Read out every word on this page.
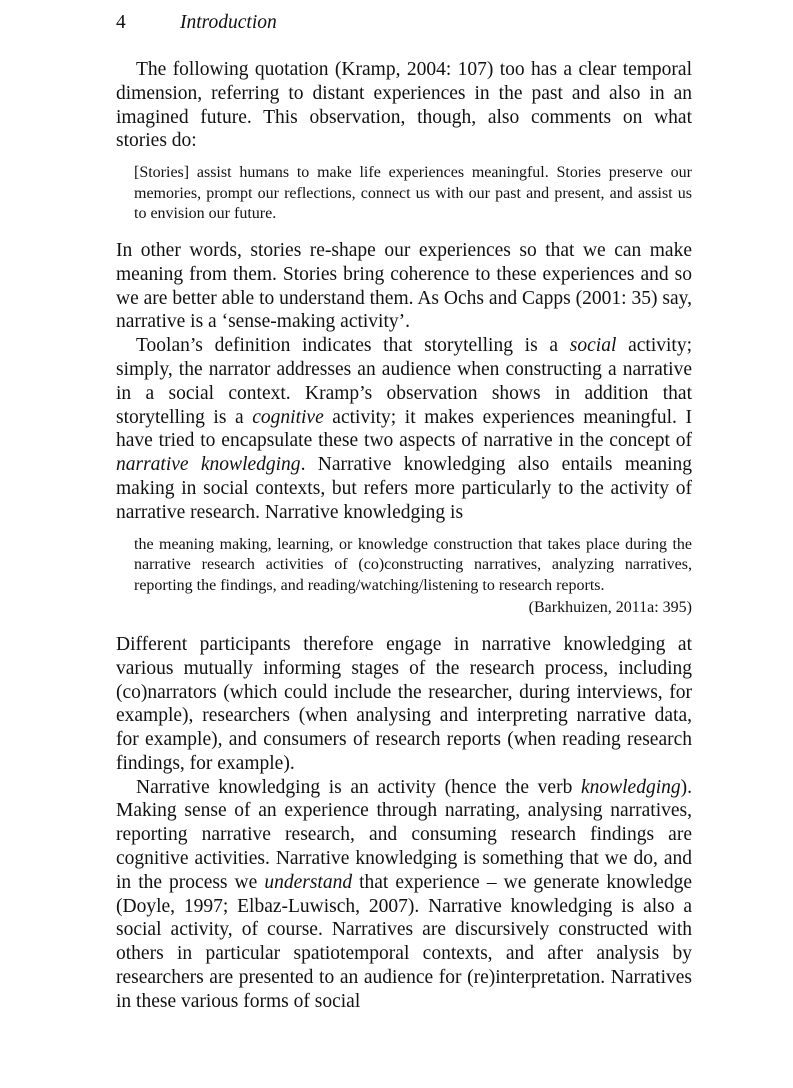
4	Introduction

The following quotation (Kramp, 2004: 107) too has a clear temporal dimension, referring to distant experiences in the past and also in an imagined future. This observation, though, also comments on what stories do:

[Stories] assist humans to make life experiences meaningful. Stories preserve our memories, prompt our reflections, connect us with our past and present, and assist us to envision our future.

In other words, stories re-shape our experiences so that we can make meaning from them. Stories bring coherence to these experiences and so we are better able to understand them. As Ochs and Capps (2001: 35) say, narrative is a ‘sense-making activity’.

Toolan’s definition indicates that storytelling is a social activity; simply, the narrator addresses an audience when constructing a narrative in a social context. Kramp’s observation shows in addition that storytelling is a cognitive activity; it makes experiences meaningful. I have tried to encapsulate these two aspects of narrative in the concept of narrative knowledging. Narrative knowledging also entails meaning making in social contexts, but refers more particularly to the activity of narrative research. Narrative knowledging is

the meaning making, learning, or knowledge construction that takes place during the narrative research activities of (co)constructing narratives, analyzing narratives, reporting the findings, and reading/watching/listening to research reports.
(Barkhuizen, 2011a: 395)

Different participants therefore engage in narrative knowledging at various mutually informing stages of the research process, including (co)narrators (which could include the researcher, during interviews, for example), researchers (when analysing and interpreting narrative data, for example), and consumers of research reports (when reading research findings, for example).

Narrative knowledging is an activity (hence the verb knowledging). Making sense of an experience through narrating, analysing narratives, reporting narrative research, and consuming research findings are cognitive activities. Narrative knowledging is something that we do, and in the process we understand that experience – we generate knowledge (Doyle, 1997; Elbaz-Luwisch, 2007). Narrative knowledging is also a social activity, of course. Narratives are discursively constructed with others in particular spatiotemporal contexts, and after analysis by researchers are presented to an audience for (re)interpretation. Narratives in these various forms of social
